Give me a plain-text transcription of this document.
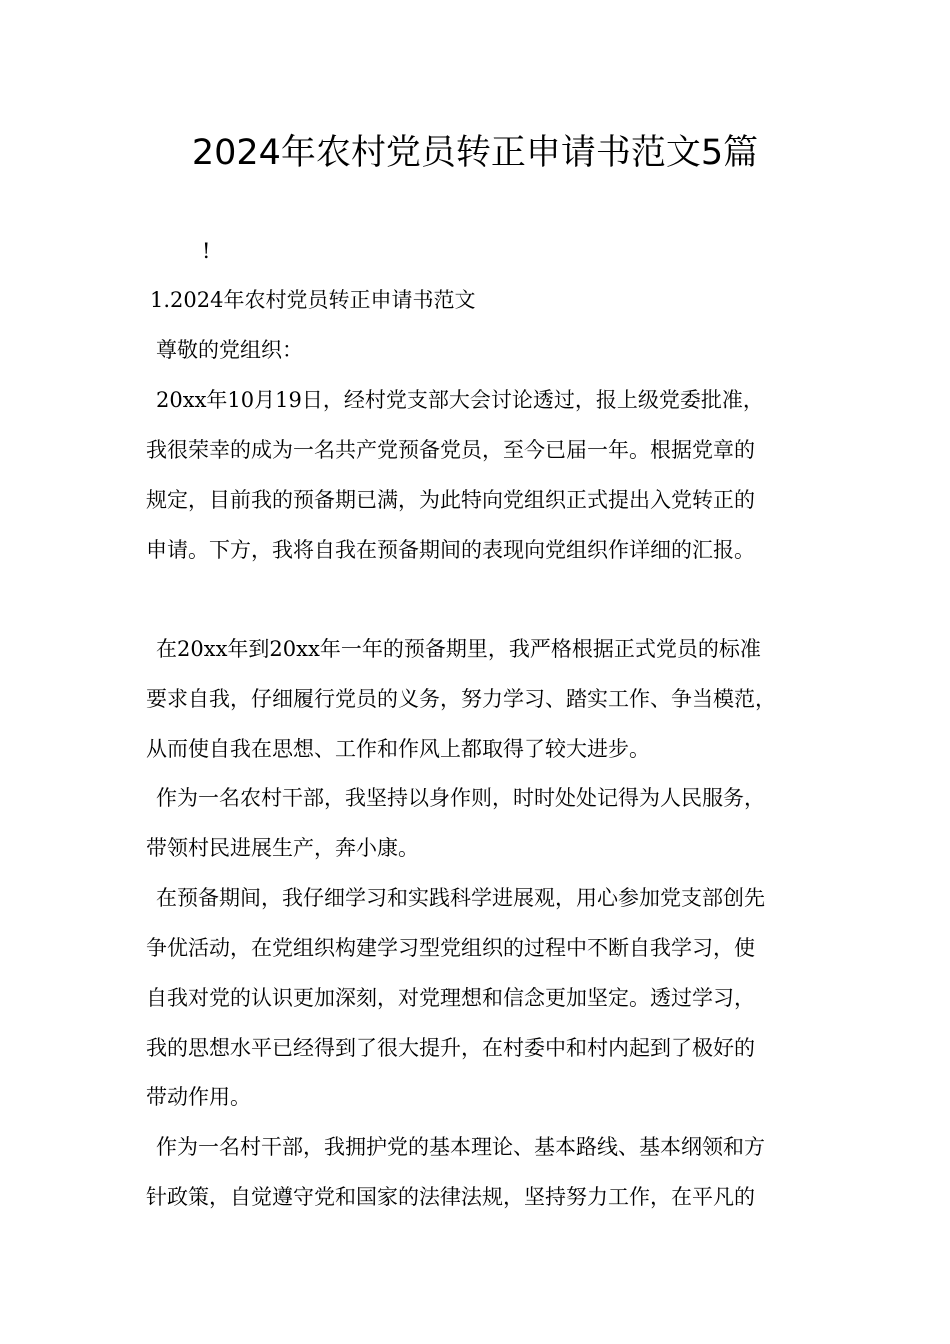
2024年农村党员转正申请书范文5篇

!

1.2024年农村党员转正申请书范文

尊敬的党组织：

20xx年10月19日，经村党支部大会讨论透过，报上级党委批准，

我很荣幸的成为一名共产党预备党员，至今已届一年。根据党章的

规定，目前我的预备期已满，为此特向党组织正式提出入党转正的

申请。下方，我将自我在预备期间的表现向党组织作详细的汇报。

在20xx年到20xx年一年的预备期里，我严格根据正式党员的标准

要求自我，仔细履行党员的义务，努力学习、踏实工作、争当模范，

从而使自我在思想、工作和作风上都取得了较大进步。

作为一名农村干部，我坚持以身作则，时时处处记得为人民服务，

带领村民进展生产，奔小康。

在预备期间，我仔细学习和实践科学进展观，用心参加党支部创先

争优活动，在党组织构建学习型党组织的过程中不断自我学习，使

自我对党的认识更加深刻，对党理想和信念更加坚定。透过学习，

我的思想水平已经得到了很大提升，在村委中和村内起到了极好的

带动作用。

作为一名村干部，我拥护党的基本理论、基本路线、基本纲领和方

针政策，自觉遵守党和国家的法律法规，坚持努力工作，在平凡的
